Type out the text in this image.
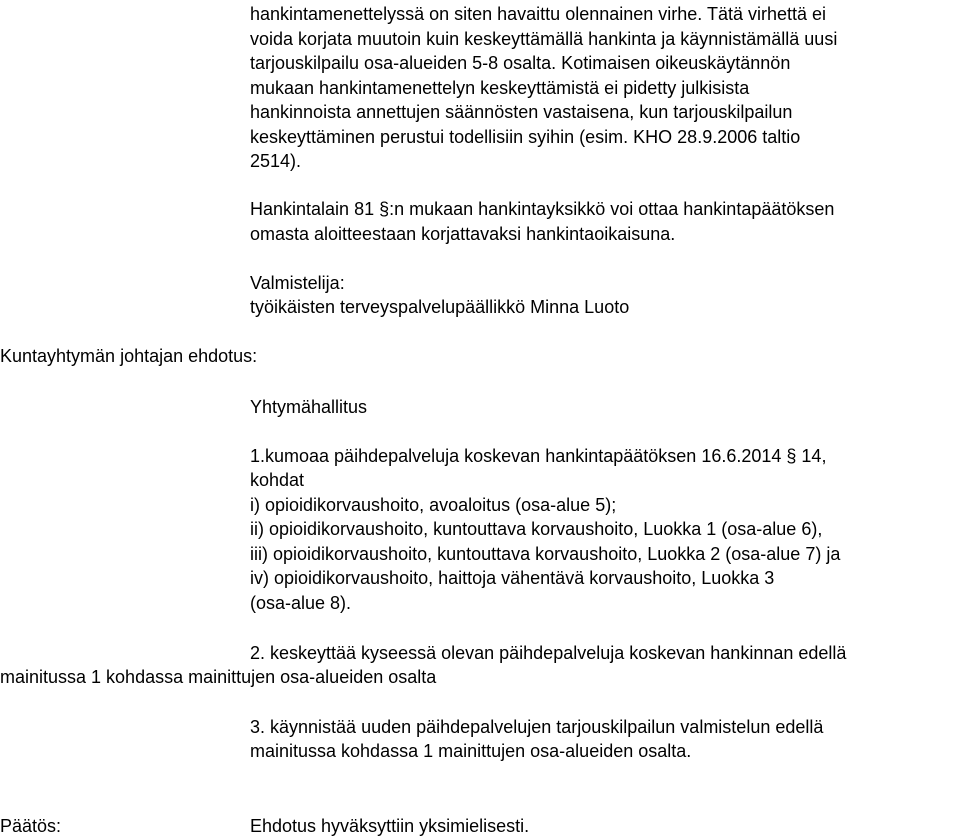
hankintamenettelyssä on siten havaittu olennainen virhe. Tätä virhettä ei
voida korjata muutoin kuin keskeyttämällä hankinta ja käynnistämällä uusi
tarjouskilpailu osa-alueiden 5-8 osalta. Kotimaisen oikeuskäytännön
mukaan hankintamenettelyn keskeyttämistä ei pidetty julkisista
hankinnoista annettujen säännösten vastaisena, kun tarjouskilpailun
keskeyttäminen perustui todellisiin syihin (esim. KHO 28.9.2006 taltio
2514).
Hankintalain 81 §:n mukaan hankintayksikkö voi ottaa hankintapäätöksen
omasta aloitteestaan korjattavaksi hankintaoikaisuna.
Valmistelija:
työikäisten terveyspalvelupäällikkö Minna Luoto
Kuntayhtymän johtajan ehdotus:
Yhtymähallitus
1.kumoaa päihdepalveluja koskevan hankintapäätöksen 16.6.2014 § 14,
kohdat
i) opioidikorvaushoito, avoaloitus (osa-alue 5);
ii) opioidikorvaushoito, kuntouttava korvaushoito, Luokka 1 (osa-alue 6),
iii) opioidikorvaushoito, kuntouttava korvaushoito, Luokka 2 (osa-alue 7) ja
iv) opioidikorvaushoito, haittoja vähentävä korvaushoito, Luokka 3
(osa-alue 8).
2. keskeyttää kyseessä olevan päihdepalveluja koskevan hankinnan edellä
mainitussa 1 kohdassa mainittujen osa-alueiden osalta
3. käynnistää uuden päihdepalvelujen tarjouskilpailun valmistelun edellä
mainitussa kohdassa 1 mainittujen osa-alueiden osalta.
Päätös:	Ehdotus hyväksyttiin yksimielisesti.
